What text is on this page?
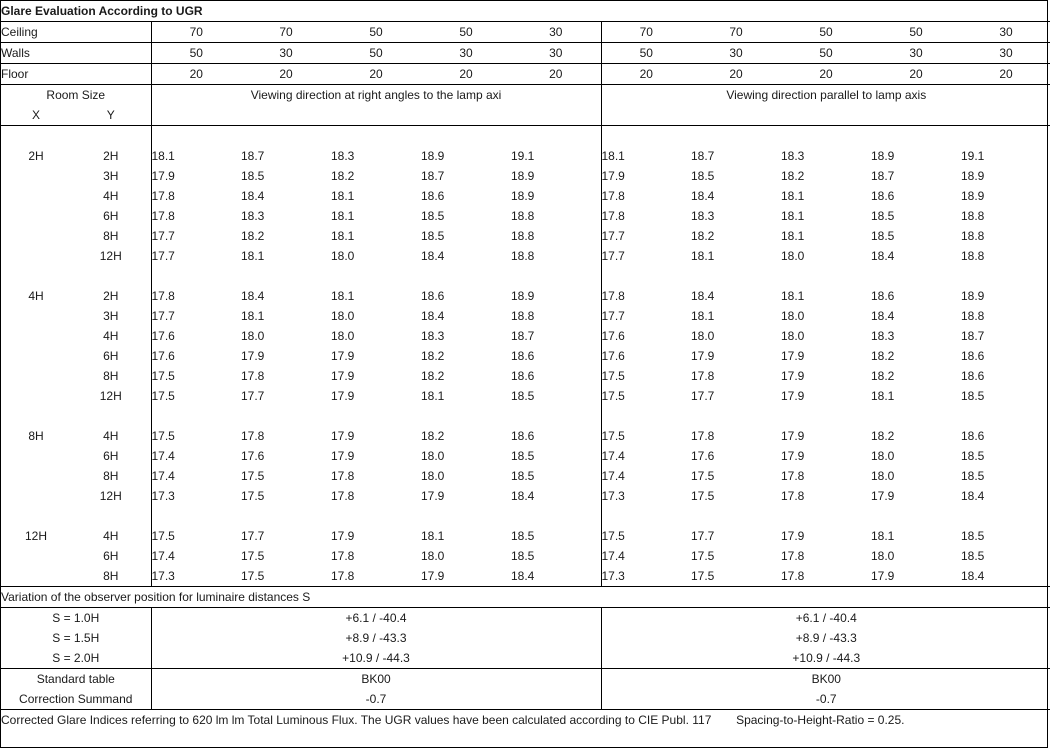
Glare Evaluation According to UGR											
Ceiling		70	70	50	50	30	70	70	50	50	30
Walls		50	30	50	30	30	50	30	50	30	30
Floor		20	20	20	20	20	20	20	20	20	20
Room Size		Viewing direction at right angles to the lamp axi					Viewing direction parallel to lamp axis				
X	Y										

2H	2H	18.1	18.7	18.3	18.9	19.1	18.1	18.7	18.3	18.9	19.1
	3H	17.9	18.5	18.2	18.7	18.9	17.9	18.5	18.2	18.7	18.9
	4H	17.8	18.4	18.1	18.6	18.9	17.8	18.4	18.1	18.6	18.9
	6H	17.8	18.3	18.1	18.5	18.8	17.8	18.3	18.1	18.5	18.8
	8H	17.7	18.2	18.1	18.5	18.8	17.7	18.2	18.1	18.5	18.8
	12H	17.7	18.1	18.0	18.4	18.8	17.7	18.1	18.0	18.4	18.8

4H	2H	17.8	18.4	18.1	18.6	18.9	17.8	18.4	18.1	18.6	18.9
	3H	17.7	18.1	18.0	18.4	18.8	17.7	18.1	18.0	18.4	18.8
	4H	17.6	18.0	18.0	18.3	18.7	17.6	18.0	18.0	18.3	18.7
	6H	17.6	17.9	17.9	18.2	18.6	17.6	17.9	17.9	18.2	18.6
	8H	17.5	17.8	17.9	18.2	18.6	17.5	17.8	17.9	18.2	18.6
	12H	17.5	17.7	17.9	18.1	18.5	17.5	17.7	17.9	18.1	18.5

8H	4H	17.5	17.8	17.9	18.2	18.6	17.5	17.8	17.9	18.2	18.6
	6H	17.4	17.6	17.9	18.0	18.5	17.4	17.6	17.9	18.0	18.5
	8H	17.4	17.5	17.8	18.0	18.5	17.4	17.5	17.8	18.0	18.5
	12H	17.3	17.5	17.8	17.9	18.4	17.3	17.5	17.8	17.9	18.4

12H	4H	17.5	17.7	17.9	18.1	18.5	17.5	17.7	17.9	18.1	18.5
	6H	17.4	17.5	17.8	18.0	18.5	17.4	17.5	17.8	18.0	18.5
	8H	17.3	17.5	17.8	17.9	18.4	17.3	17.5	17.8	17.9	18.4
Variation of the observer position for luminaire distances S											
S = 1.0H		+6.1 / -40.4					+6.1 / -40.4				
S = 1.5H		+8.9 / -43.3					+8.9 / -43.3				
S = 2.0H		+10.9 / -44.3					+10.9 / -44.3				
Standard table		BK00					BK00				
Correction Summand		-0.7					-0.7				
Corrected Glare Indices referring to 620 lm lm Total Luminous Flux. The UGR values have been calculated according to CIE Publ. 117 Spacing-to-Height-Ratio = 0.25.											
